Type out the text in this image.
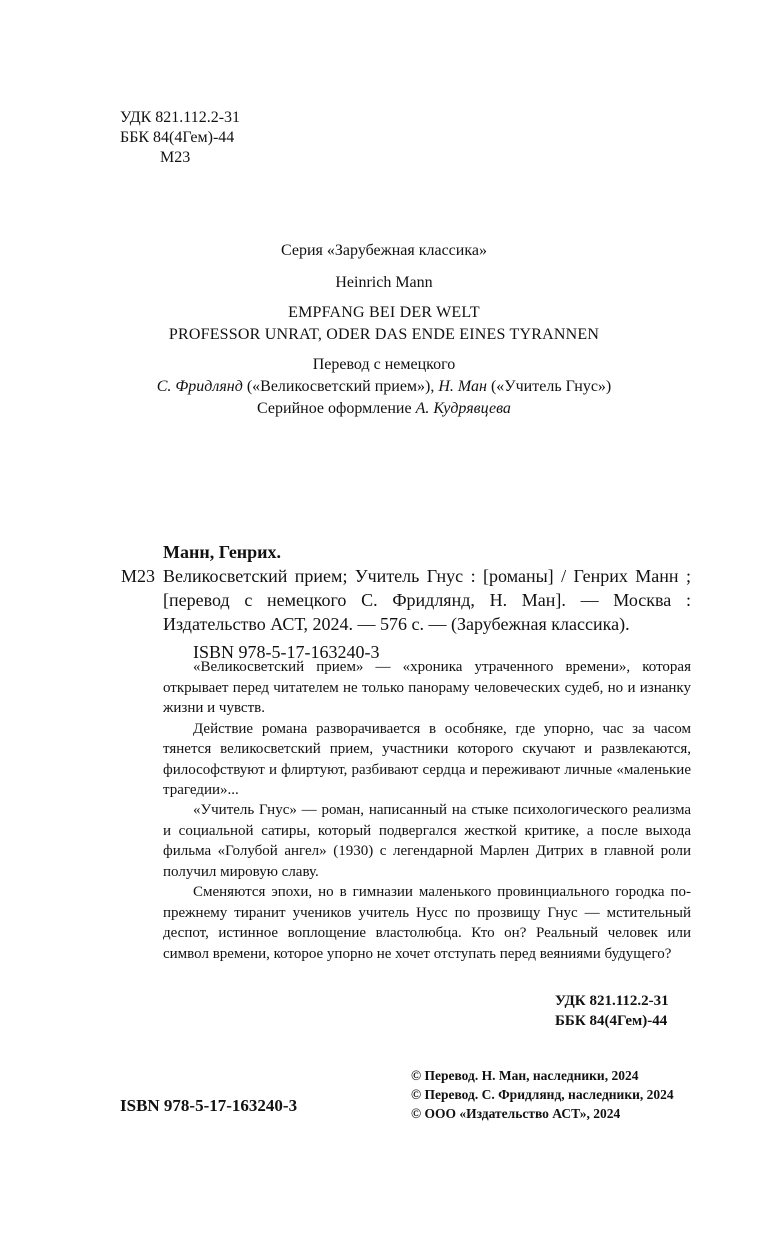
УДК 821.112.2-31
ББК 84(4Гем)-44
М23
Серия «Зарубежная классика»
Heinrich Mann
EMPFANG BEI DER WELT
PROFESSOR UNRAT, ODER DAS ENDE EINES TYRANNEN
Перевод с немецкого
С. Фридлянд («Великосветский прием»), Н. Ман («Учитель Гнус»)
Серийное оформление А. Кудрявцева
Манн, Генрих.
М23 Великосветский прием; Учитель Гнус : [романы] / Генрих Манн ; [перевод с немецкого С. Фридлянд, Н. Ман]. — Москва : Издательство АСТ, 2024. — 576 с. — (Зарубежная классика).
ISBN 978-5-17-163240-3

«Великосветский прием» — «хроника утраченного времени», которая открывает перед читателем не только панораму человеческих судеб, но и изнанку жизни и чувств.

Действие романа разворачивается в особняке, где упорно, час за часом тянется великосветский прием, участники которого скучают и развлекаются, философствуют и флиртуют, разбивают сердца и переживают личные «маленькие трагедии»...

«Учитель Гнус» — роман, написанный на стыке психологического реализма и социальной сатиры, который подвергался жесткой критике, а после выхода фильма «Голубой ангел» (1930) с легендарной Марлен Дитрих в главной роли получил мировую славу.

Сменяются эпохи, но в гимназии маленького провинциального городка по-прежнему тиранит учеников учитель Нусс по прозвищу Гнус — мстительный деспот, истинное воплощение властолюбца. Кто он? Реальный человек или символ времени, которое упорно не хочет отступать перед веяниями будущего?

УДК 821.112.2-31
ББК 84(4Гем)-44
© Перевод. Н. Ман, наследники, 2024
© Перевод. С. Фридлянд, наследники, 2024
© ООО «Издательство АСТ», 2024
ISBN 978-5-17-163240-3
